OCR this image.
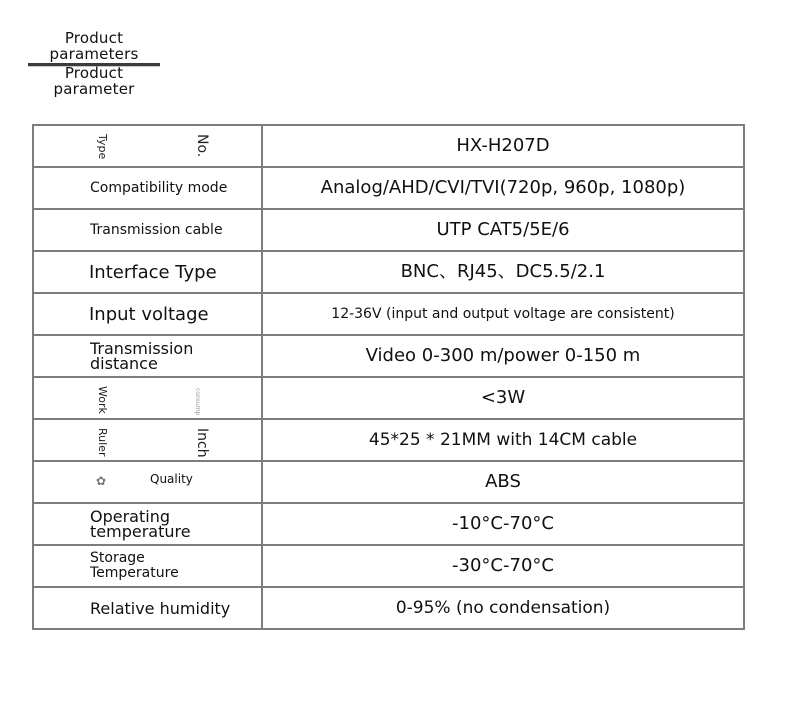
Product
parameters
Product
parameter
Type No.	HX-H207D

Compatibility mode	Analog/AHD/CVI/TVI(720p, 960p, 1080p)

Transmission cable	UTP CAT5/5E/6

Interface Type	BNC、RJ45、DC5.5/2.1

Input voltage	12-36V (input and output voltage are consistent)

Transmission
distance	Video 0-300 m/power 0-150 m

Work consump	<3W

Ruler Inch	45*25 * 21MM with 14CM cable

✿ Quality	ABS

Operating
temperature	-10°C-70°C

Storage
Temperature	-30°C-70°C

Relative humidity	0-95% (no condensation)
